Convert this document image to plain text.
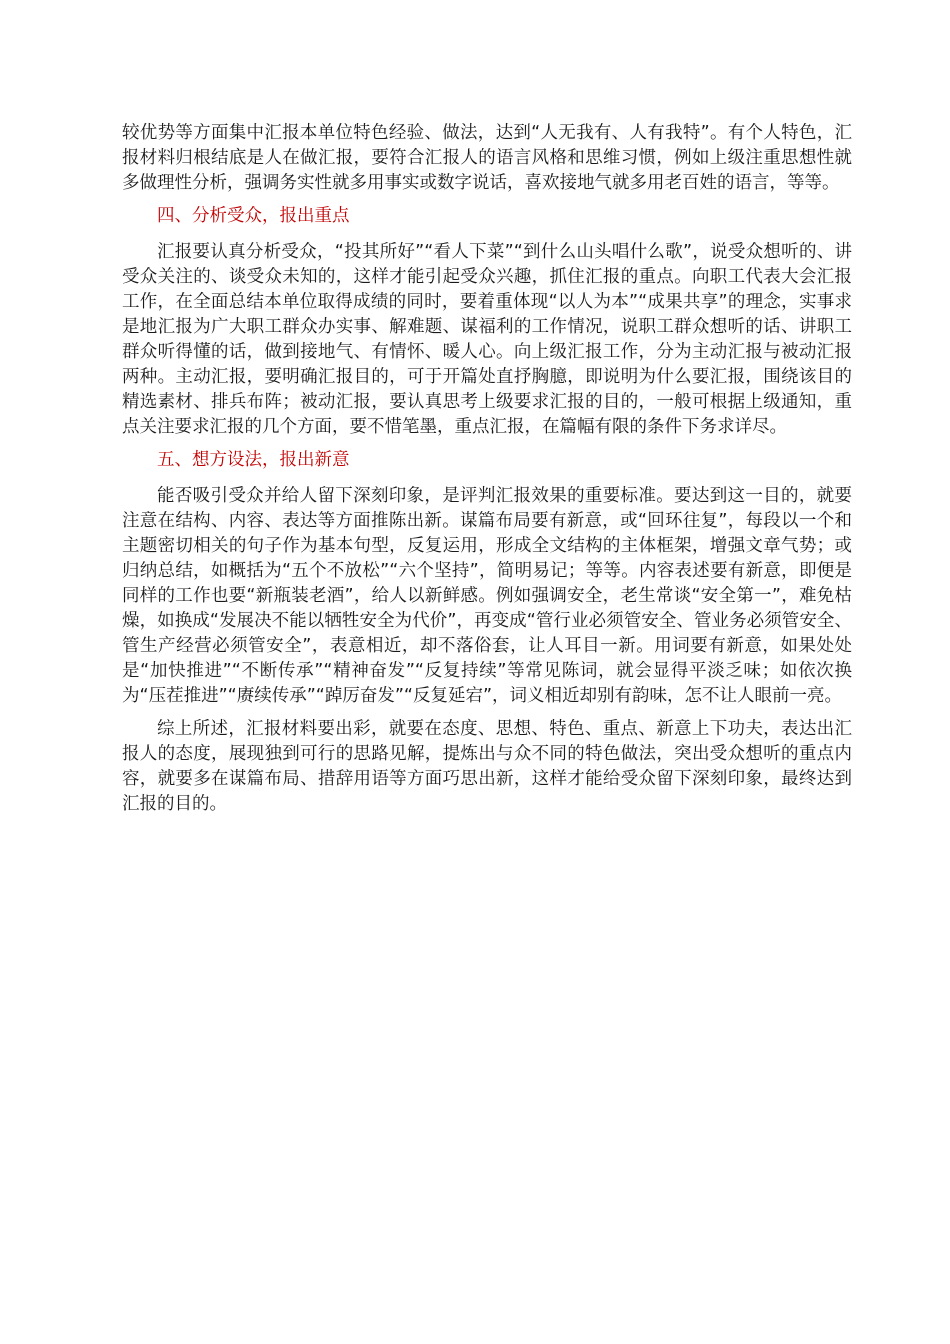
较优势等方面集中汇报本单位特色经验、做法，达到“人无我有、人有我特”。有个人特色，汇报材料归根结底是人在做汇报，要符合汇报人的语言风格和思维习惯，例如上级注重思想性就多做理性分析，强调务实性就多用事实或数字说话，喜欢接地气就多用老百姓的语言，等等。

四、分析受众，报出重点

汇报要认真分析受众，“投其所好”“看人下菜”“到什么山头唱什么歌”，说受众想听的、讲受众关注的、谈受众未知的，这样才能引起受众兴趣，抓住汇报的重点。向职工代表大会汇报工作，在全面总结本单位取得成绩的同时，要着重体现“以人为本”“成果共享”的理念，实事求是地汇报为广大职工群众办实事、解难题、谋福利的工作情况，说职工群众想听的话、讲职工群众听得懂的话，做到接地气、有情怀、暖人心。向上级汇报工作，分为主动汇报与被动汇报两种。主动汇报，要明确汇报目的，可于开篇处直抒胸臆，即说明为什么要汇报，围绕该目的精选素材、排兵布阵；被动汇报，要认真思考上级要求汇报的目的，一般可根据上级通知，重点关注要求汇报的几个方面，要不惜笔墨，重点汇报，在篇幅有限的条件下务求详尽。

五、想方设法，报出新意

能否吸引受众并给人留下深刻印象，是评判汇报效果的重要标准。要达到这一目的，就要注意在结构、内容、表达等方面推陈出新。谋篇布局要有新意，或“回环往复”，每段以一个和主题密切相关的句子作为基本句型，反复运用，形成全文结构的主体框架，增强文章气势；或归纳总结，如概括为“五个不放松”“六个坚持”，简明易记；等等。内容表述要有新意，即便是同样的工作也要“新瓶装老酒”，给人以新鲜感。例如强调安全，老生常谈“安全第一”，难免枯燥，如换成“发展决不能以牺牲安全为代价”，再变成“管行业必须管安全、管业务必须管安全、管生产经营必须管安全”，表意相近，却不落俗套，让人耳目一新。用词要有新意，如果处处是“加快推进”“不断传承”“精神奋发”“反复持续”等常见陈词，就会显得平淡乏味；如依次换为“压茬推进”“赓续传承”“踔厉奋发”“反复延宕”，词义相近却别有韵味，怎不让人眼前一亮。

综上所述，汇报材料要出彩，就要在态度、思想、特色、重点、新意上下功夫，表达出汇报人的态度，展现独到可行的思路见解，提炼出与众不同的特色做法，突出受众想听的重点内容，就要多在谋篇布局、措辞用语等方面巧思出新，这样才能给受众留下深刻印象，最终达到汇报的目的。
